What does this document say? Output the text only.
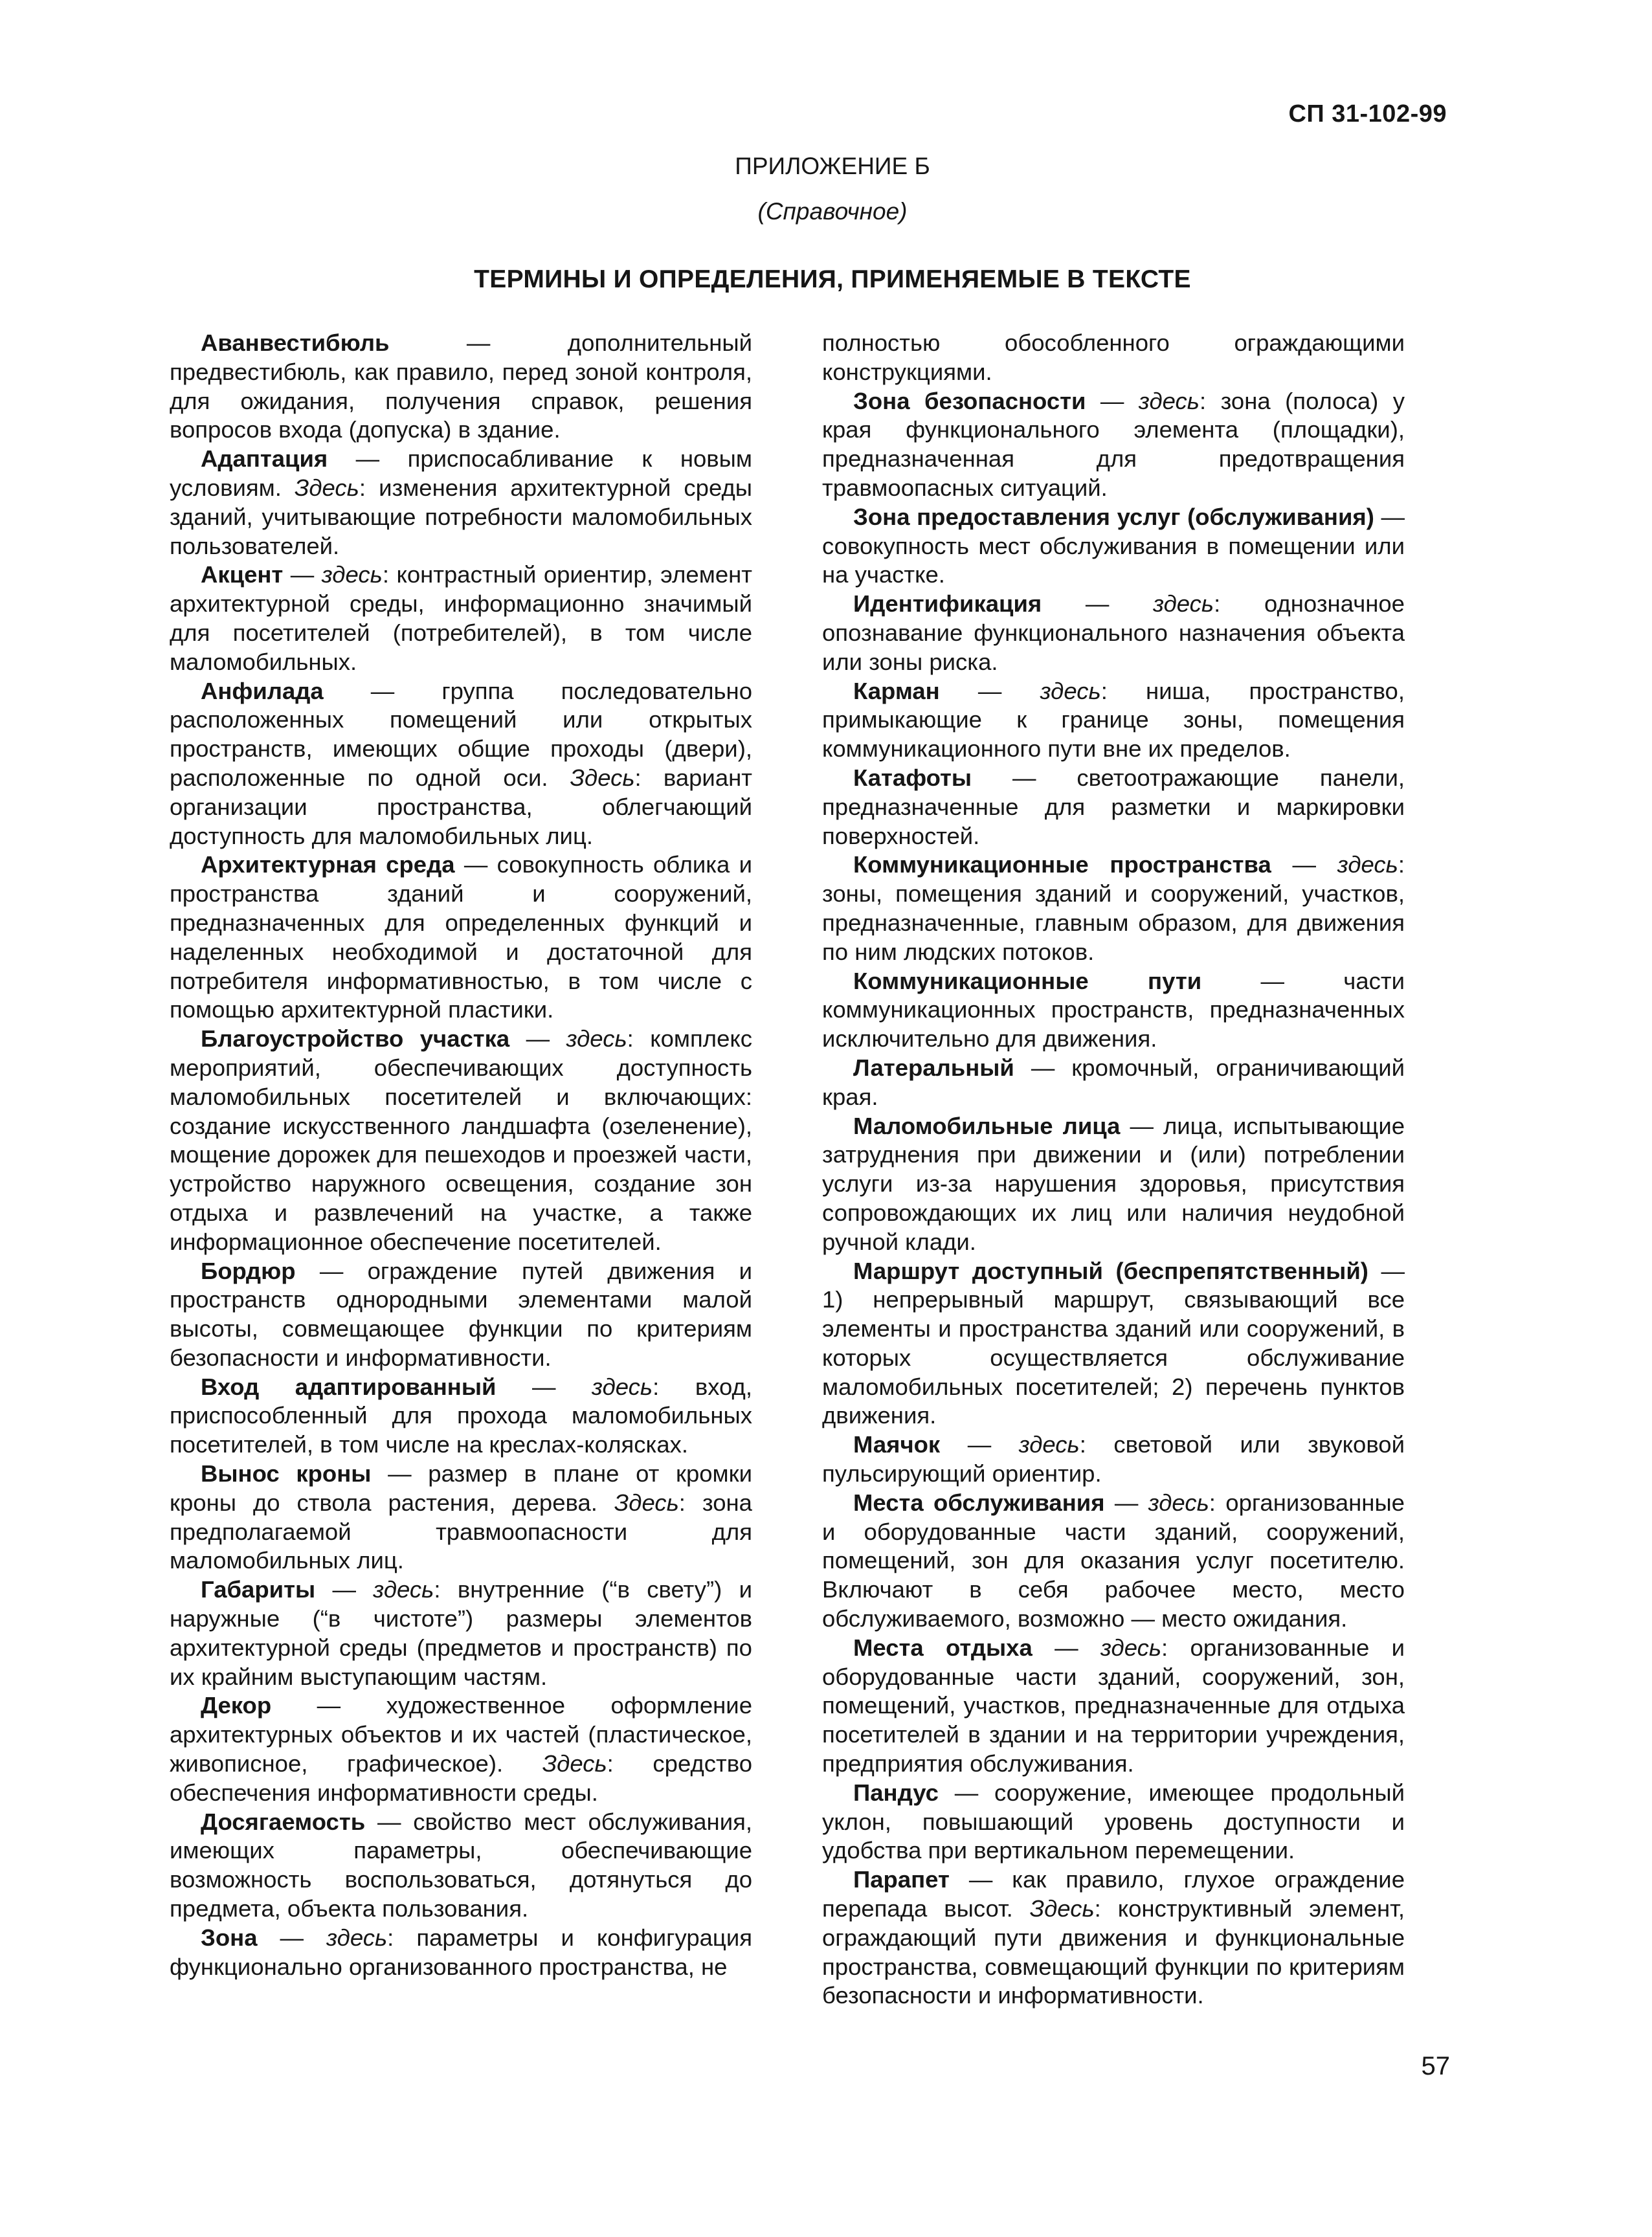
СП 31-102-99
ПРИЛОЖЕНИЕ Б
(Справочное)
ТЕРМИНЫ И ОПРЕДЕЛЕНИЯ, ПРИМЕНЯЕМЫЕ В ТЕКСТЕ

Аванвестибюль — дополнительный предвестибюль, как правило, перед зоной контроля, для ожидания, получения справок, решения вопросов входа (допуска) в здание.

Адаптация — приспосабливание к новым условиям. Здесь: изменения архитектурной среды зданий, учитывающие потребности маломобильных пользователей.

Акцент — здесь: контрастный ориентир, элемент архитектурной среды, информационно значимый для посетителей (потребителей), в том числе маломобильных.

Анфилада — группа последовательно расположенных помещений или открытых пространств, имеющих общие проходы (двери), расположенные по одной оси. Здесь: вариант организации пространства, облегчающий доступность для маломобильных лиц.

Архитектурная среда — совокупность облика и пространства зданий и сооружений, предназначенных для определенных функций и наделенных необходимой и достаточной для потребителя информативностью, в том числе с помощью архитектурной пластики.

Благоустройство участка — здесь: комплекс мероприятий, обеспечивающих доступность маломобильных посетителей и включающих: создание искусственного ландшафта (озеленение), мощение дорожек для пешеходов и проезжей части, устройство наружного освещения, создание зон отдыха и развлечений на участке, а также информационное обеспечение посетителей.

Бордюр — ограждение путей движения и пространств однородными элементами малой высоты, совмещающее функции по критериям безопасности и информативности.

Вход адаптированный — здесь: вход, приспособленный для прохода маломобильных посетителей, в том числе на креслах-колясках.

Вынос кроны — размер в плане от кромки кроны до ствола растения, дерева. Здесь: зона предполагаемой травмоопасности для маломобильных лиц.

Габариты — здесь: внутренние (“в свету”) и наружные (“в чистоте”) размеры элементов архитектурной среды (предметов и пространств) по их крайним выступающим частям.

Декор — художественное оформление архитектурных объектов и их частей (пластическое, живописное, графическое). Здесь: средство обеспечения информативности среды.

Досягаемость — свойство мест обслуживания, имеющих параметры, обеспечивающие возможность воспользоваться, дотянуться до предмета, объекта пользования.

Зона — здесь: параметры и конфигурация функционально организованного пространства, не

полностью обособленного ограждающими конструкциями.

Зона безопасности — здесь: зона (полоса) у края функционального элемента (площадки), предназначенная для предотвращения травмоопасных ситуаций.

Зона предоставления услуг (обслуживания) — совокупность мест обслуживания в помещении или на участке.

Идентификация — здесь: однозначное опознавание функционального назначения объекта или зоны риска.

Карман — здесь: ниша, пространство, примыкающие к границе зоны, помещения коммуникационного пути вне их пределов.

Катафоты — светоотражающие панели, предназначенные для разметки и маркировки поверхностей.

Коммуникационные пространства — здесь: зоны, помещения зданий и сооружений, участков, предназначенные, главным образом, для движения по ним людских потоков.

Коммуникационные пути — части коммуникационных пространств, предназначенных исключительно для движения.

Латеральный — кромочный, ограничивающий края.

Маломобильные лица — лица, испытывающие затруднения при движении и (или) потреблении услуги из-за нарушения здоровья, присутствия сопровождающих их лиц или наличия неудобной ручной клади.

Маршрут доступный (беспрепятственный) — 1) непрерывный маршрут, связывающий все элементы и пространства зданий или сооружений, в которых осуществляется обслуживание маломобильных посетителей; 2) перечень пунктов движения.

Маячок — здесь: световой или звуковой пульсирующий ориентир.

Места обслуживания — здесь: организованные и оборудованные части зданий, сооружений, помещений, зон для оказания услуг посетителю. Включают в себя рабочее место, место обслуживаемого, возможно — место ожидания.

Места отдыха — здесь: организованные и оборудованные части зданий, сооружений, зон, помещений, участков, предназначенные для отдыха посетителей в здании и на территории учреждения, предприятия обслуживания.

Пандус — сооружение, имеющее продольный уклон, повышающий уровень доступности и удобства при вертикальном перемещении.

Парапет — как правило, глухое ограждение перепада высот. Здесь: конструктивный элемент, ограждающий пути движения и функциональные пространства, совмещающий функции по критериям безопасности и информативности.

57
